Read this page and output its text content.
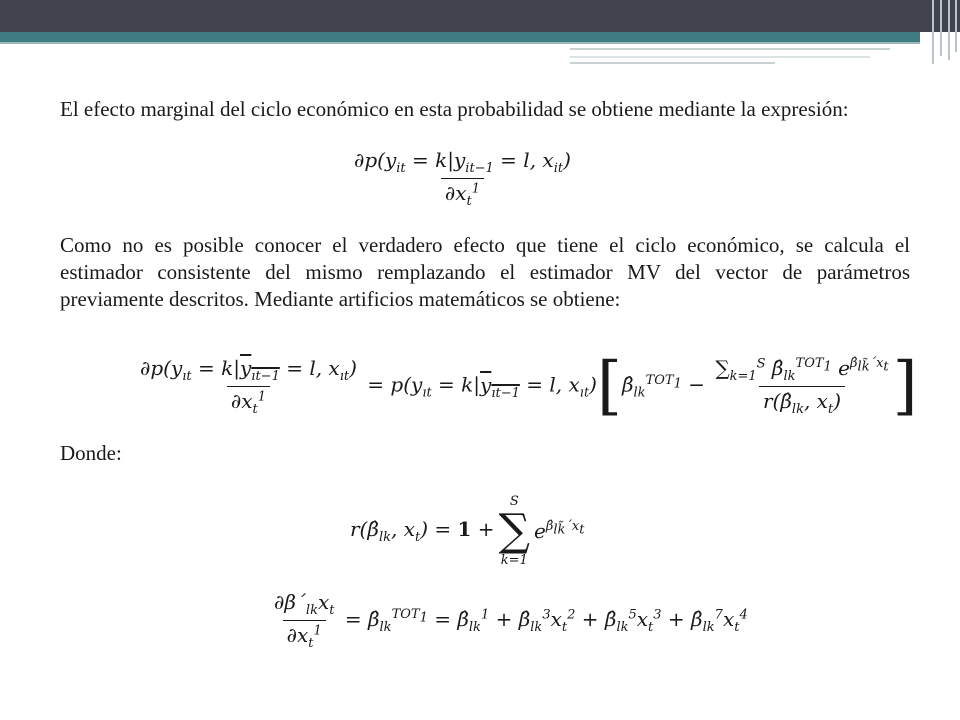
El efecto marginal del ciclo económico en esta probabilidad se obtiene mediante la expresión:
$\frac{\partial p(y_{it} = k|y_{it-1} = l, x_{it})}{\partial x_t^1}$
Como no es posible conocer el verdadero efecto que tiene el ciclo económico, se calcula el estimador consistente del mismo remplazando el estimador MV del vector de parámetros previamente descritos. Mediante artificios matemáticos se obtiene:
$\frac{\partial p(y_{ıt} = k|y_{ıt-1} = l, x_{ıt})}{\partial x_t^1} = p(y_{ıt} = k|y_{ıt-1} = l$, $x_{ıt})[\betâ_{lk}^{TOT_1} - \frac{\sum_{k=1}^S \betâ_{lk}^{TOT_1} e^{\betâ_{lk̃}´x_t}}{r(\betâ_{lk}, x_t)}$ ]
Donde:
$r(\betâ_{lk}$, $x_t) = 1$ +
S
∑
k=1
$e^{\betâ_{lk̃}´x_t}$
$\frac{\partial\beta´_{lk}x_t}{\partial x_t^1}$ = $\betâ_{lk}^{TOT_1}$ = $\betâ_{lk}^1$ + $\betâ_{lk}^3x_t^2$ + $\betâ_{lk}^5x_t^3$ + $\betâ_{lk}^7x_t^4$
